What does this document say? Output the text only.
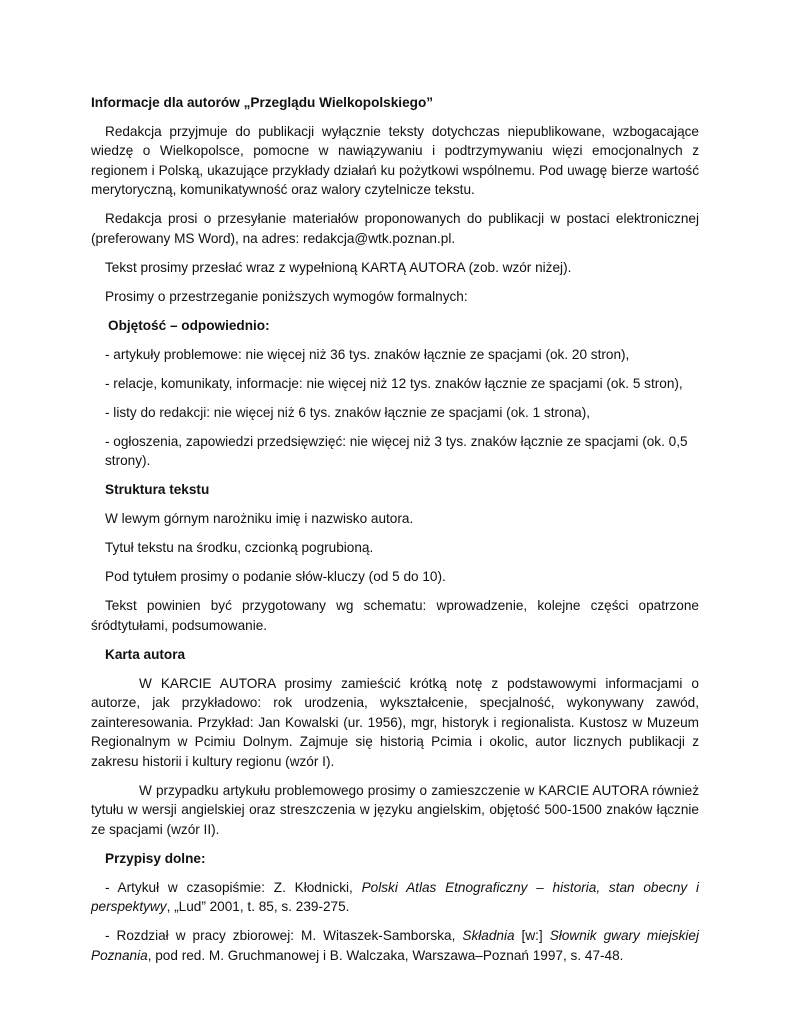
Informacje dla autorów „Przeglądu Wielkopolskiego”

Redakcja przyjmuje do publikacji wyłącznie teksty dotychczas niepublikowane, wzbogacające wiedzę o Wielkopolsce, pomocne w nawiązywaniu i podtrzymywaniu więzi emocjonalnych z regionem i Polską, ukazujące przykłady działań ku pożytkowi wspólnemu. Pod uwagę bierze wartość merytoryczną, komunikatywność oraz walory czytelnicze tekstu.

Redakcja prosi o przesyłanie materiałów proponowanych do publikacji w postaci elektronicznej (preferowany MS Word), na adres: redakcja@wtk.poznan.pl.

Tekst prosimy przesłać wraz z wypełnioną KARTĄ AUTORA (zob. wzór niżej).

Prosimy o przestrzeganie poniższych wymogów formalnych:

Objętość – odpowiednio:

- artykuły problemowe: nie więcej niż 36 tys. znaków łącznie ze spacjami (ok. 20 stron),

- relacje, komunikaty, informacje: nie więcej niż 12 tys. znaków łącznie ze spacjami (ok. 5 stron),

- listy do redakcji: nie więcej niż 6 tys. znaków łącznie ze spacjami (ok. 1 strona),

- ogłoszenia, zapowiedzi przedsięwzięć: nie więcej niż 3 tys. znaków łącznie ze spacjami (ok. 0,5 strony).

Struktura tekstu

W lewym górnym narożniku imię i nazwisko autora.

Tytuł tekstu na środku, czcionką pogrubioną.

Pod tytułem prosimy o podanie słów-kluczy (od 5 do 10).

Tekst powinien być przygotowany wg schematu: wprowadzenie, kolejne części opatrzone śródtytułami, podsumowanie.

Karta autora

W KARCIE AUTORA prosimy zamieścić krótką notę z podstawowymi informacjami o autorze, jak przykładowo: rok urodzenia, wykształcenie, specjalność, wykonywany zawód, zainteresowania. Przykład: Jan Kowalski (ur. 1956), mgr, historyk i regionalista. Kustosz w Muzeum Regionalnym w Pcimiu Dolnym. Zajmuje się historią Pcimia i okolic, autor licznych publikacji z zakresu historii i kultury regionu (wzór I).

W przypadku artykułu problemowego prosimy o zamieszczenie w KARCIE AUTORA również tytułu w wersji angielskiej oraz streszczenia w języku angielskim, objętość 500-1500 znaków łącznie ze spacjami (wzór II).

Przypisy dolne:

- Artykuł w czasopiśmie: Z. Kłodnicki, Polski Atlas Etnograficzny – historia, stan obecny i perspektywy, „Lud” 2001, t. 85, s. 239-275.

- Rozdział w pracy zbiorowej: M. Witaszek-Samborska, Składnia [w:] Słownik gwary miejskiej Poznania, pod red. M. Gruchmanowej i B. Walczaka, Warszawa–Poznań 1997, s. 47-48.
